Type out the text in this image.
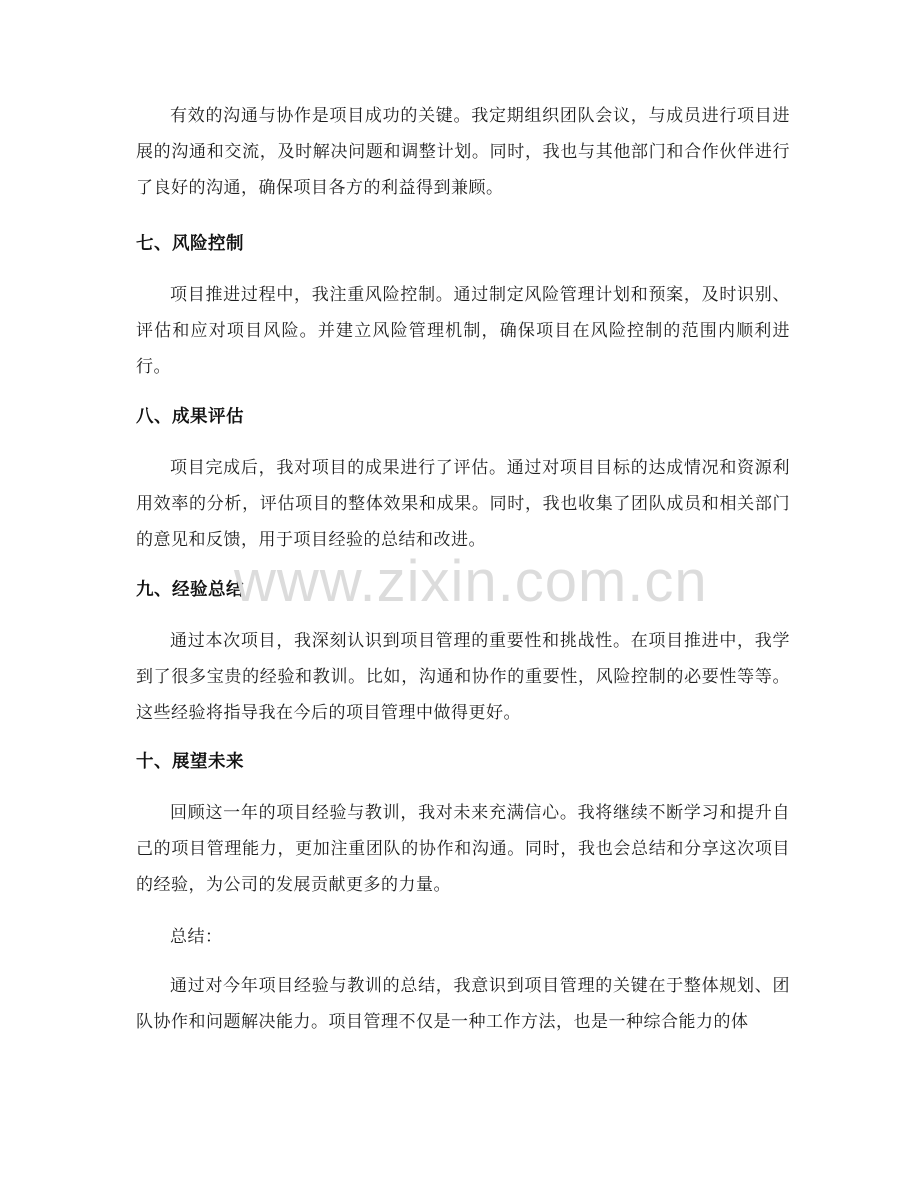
有效的沟通与协作是项目成功的关键。我定期组织团队会议，与成员进行项目进展的沟通和交流，及时解决问题和调整计划。同时，我也与其他部门和合作伙伴进行了良好的沟通，确保项目各方的利益得到兼顾。

七、风险控制

项目推进过程中，我注重风险控制。通过制定风险管理计划和预案，及时识别、评估和应对项目风险。并建立风险管理机制，确保项目在风险控制的范围内顺利进行。

八、成果评估

项目完成后，我对项目的成果进行了评估。通过对项目目标的达成情况和资源利用效率的分析，评估项目的整体效果和成果。同时，我也收集了团队成员和相关部门的意见和反馈，用于项目经验的总结和改进。

九、经验总结

通过本次项目，我深刻认识到项目管理的重要性和挑战性。在项目推进中，我学到了很多宝贵的经验和教训。比如，沟通和协作的重要性，风险控制的必要性等等。这些经验将指导我在今后的项目管理中做得更好。

十、展望未来

回顾这一年的项目经验与教训，我对未来充满信心。我将继续不断学习和提升自己的项目管理能力，更加注重团队的协作和沟通。同时，我也会总结和分享这次项目的经验，为公司的发展贡献更多的力量。

总结：

通过对今年项目经验与教训的总结，我意识到项目管理的关键在于整体规划、团队协作和问题解决能力。项目管理不仅是一种工作方法，也是一种综合能力的体

www.zixin.com.cn
